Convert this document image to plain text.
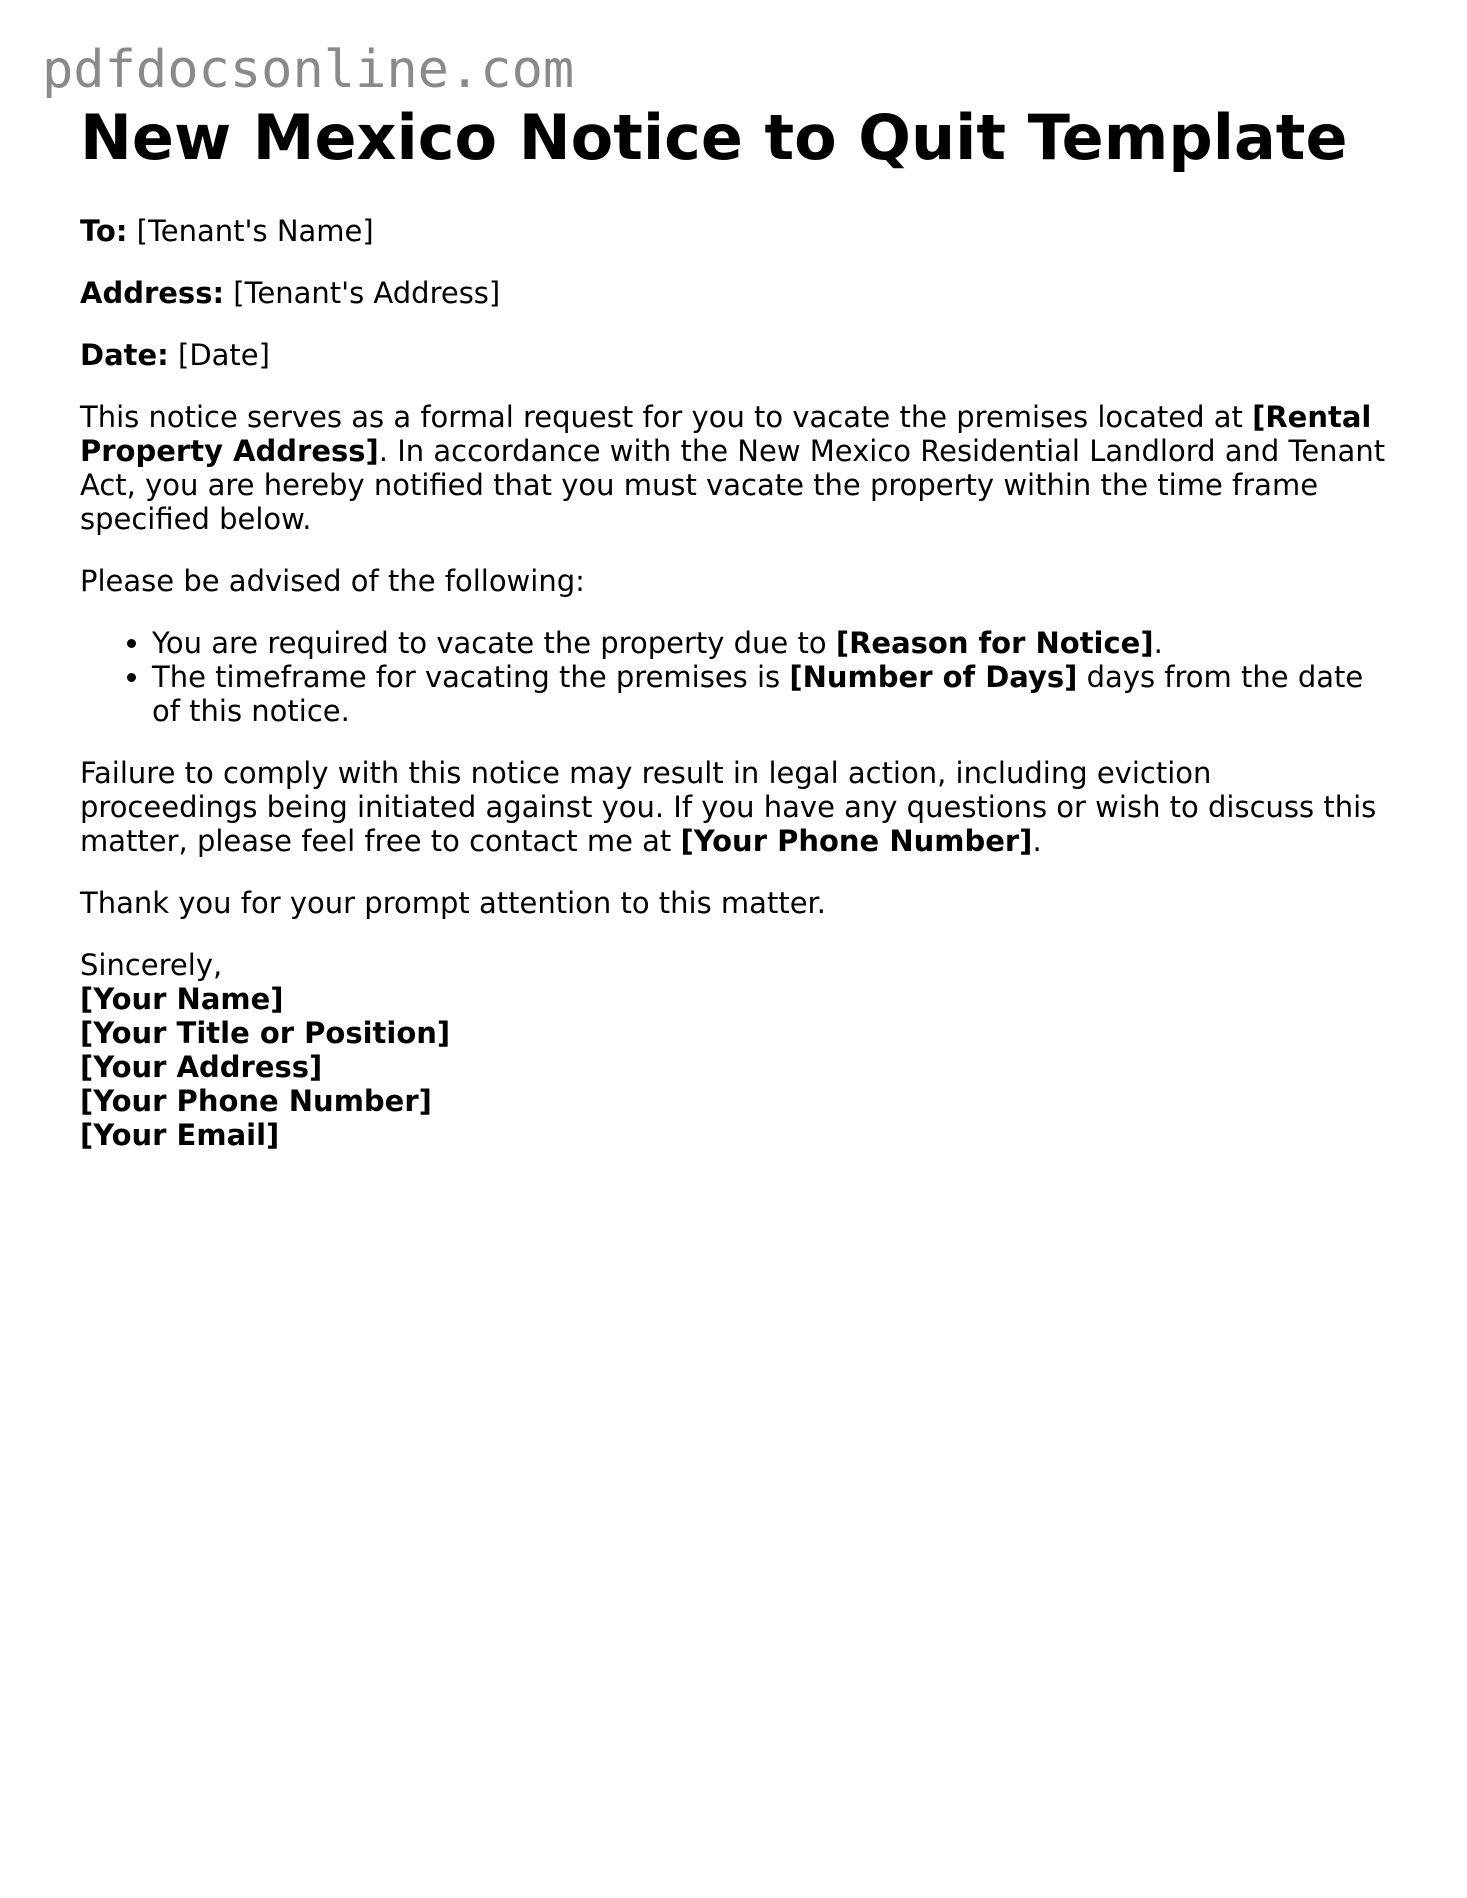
pdfdocsonline.com
New Mexico Notice to Quit Template

To: [Tenant's Name]

Address: [Tenant's Address]

Date: [Date]

This notice serves as a formal request for you to vacate the premises located at [Rental Property Address]. In accordance with the New Mexico Residential Landlord and Tenant Act, you are hereby notified that you must vacate the property within the time frame specified below.

Please be advised of the following:

• You are required to vacate the property due to [Reason for Notice].
• The timeframe for vacating the premises is [Number of Days] days from the date of this notice.

Failure to comply with this notice may result in legal action, including eviction proceedings being initiated against you. If you have any questions or wish to discuss this matter, please feel free to contact me at [Your Phone Number].

Thank you for your prompt attention to this matter.

Sincerely,
[Your Name]
[Your Title or Position]
[Your Address]
[Your Phone Number]
[Your Email]
